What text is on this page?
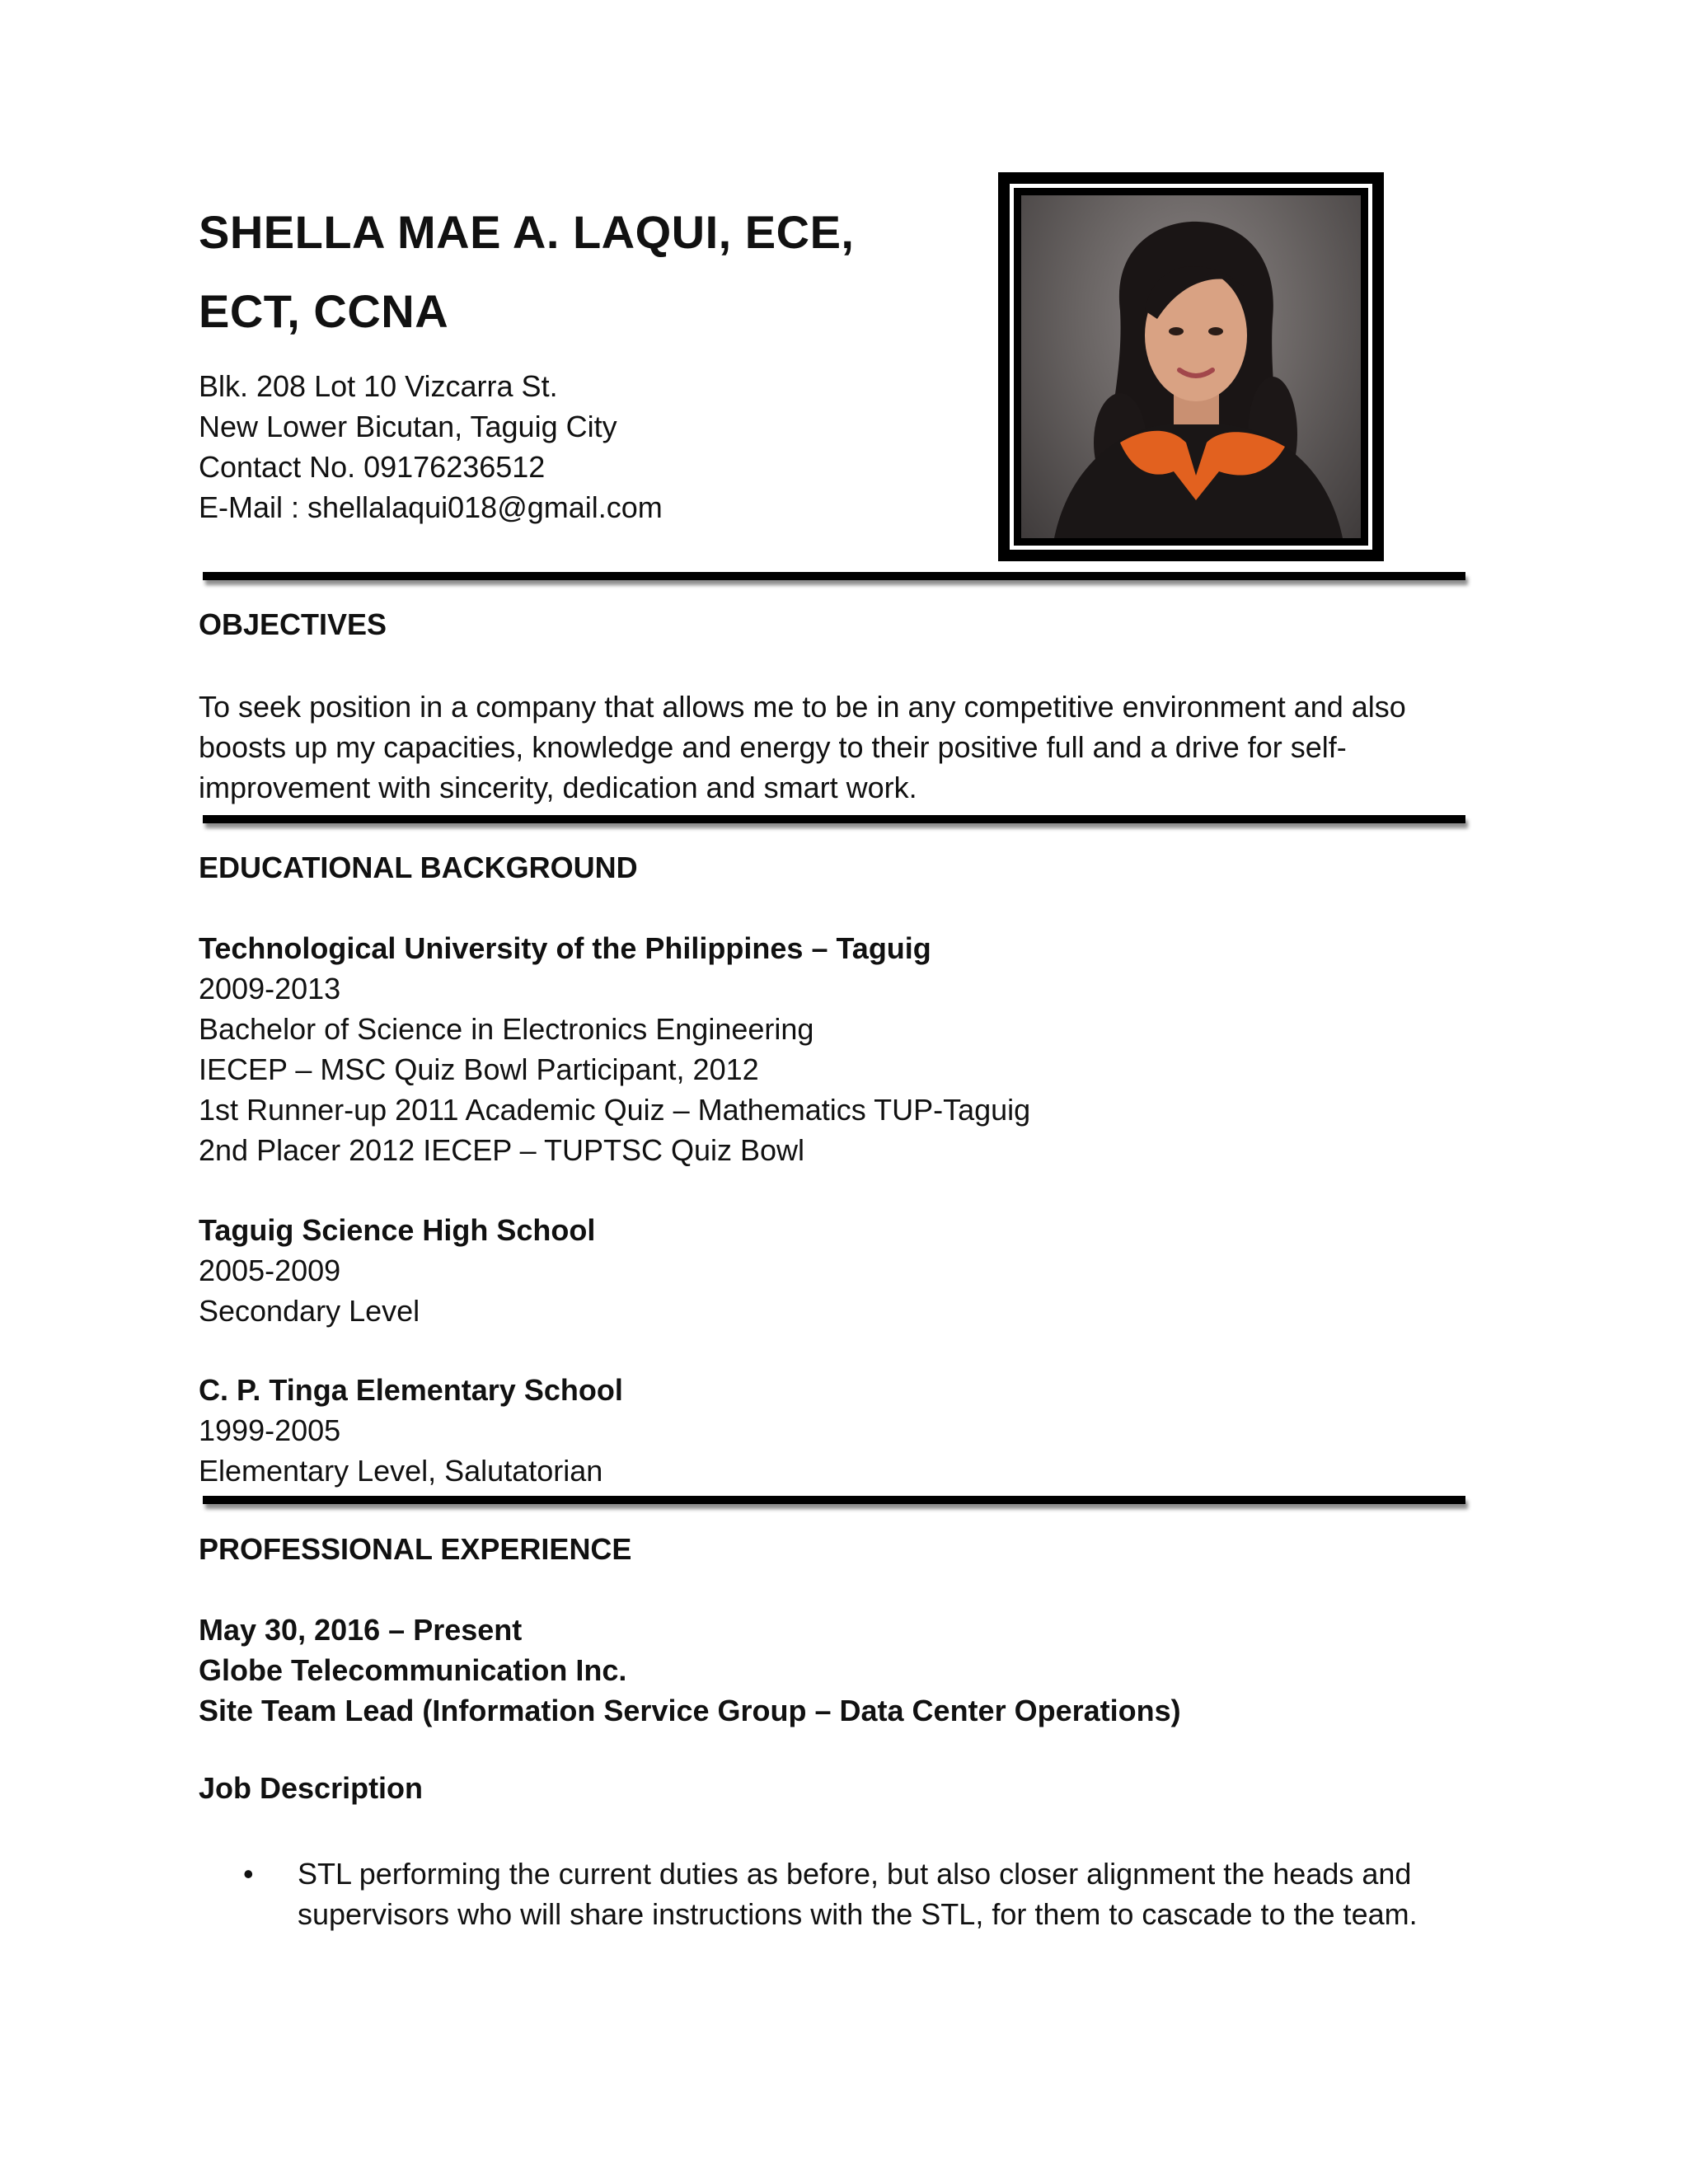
SHELLA MAE A. LAQUI, ECE,
ECT, CCNA
Blk. 208 Lot 10 Vizcarra St.
New Lower Bicutan, Taguig City
Contact No. 09176236512
E-Mail : shellalaqui018@gmail.com
OBJECTIVES
To seek position in a company that allows me to be in any competitive environment and also boosts up my capacities, knowledge and energy to their positive full and a drive for self-improvement with sincerity, dedication and smart work.
EDUCATIONAL BACKGROUND
Technological University of the Philippines – Taguig
2009-2013
Bachelor of Science in Electronics Engineering
IECEP – MSC Quiz Bowl Participant, 2012
1st Runner-up 2011 Academic Quiz – Mathematics TUP-Taguig
2nd Placer 2012 IECEP – TUPTSC Quiz Bowl
Taguig Science High School
2005-2009
Secondary Level
C. P. Tinga Elementary School
1999-2005
Elementary Level, Salutatorian
PROFESSIONAL EXPERIENCE
May 30, 2016 – Present
Globe Telecommunication Inc.
Site Team Lead (Information Service Group – Data Center Operations)
Job Description
• STL performing the current duties as before, but also closer alignment the heads and supervisors who will share instructions with the STL, for them to cascade to the team.
